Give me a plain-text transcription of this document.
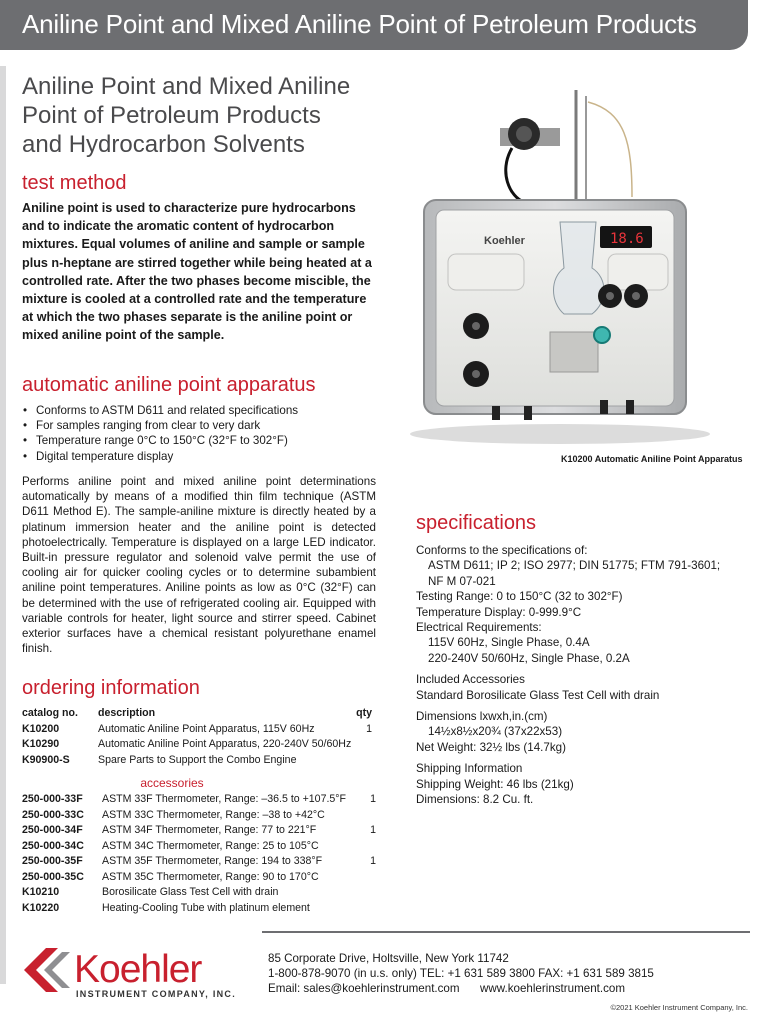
Aniline Point and Mixed Aniline Point of Petroleum Products
Aniline Point and Mixed Aniline
Point of Petroleum Products
and Hydrocarbon Solvents
test method
Aniline point is used to characterize pure hydrocarbons and to indicate the aromatic content of hydrocarbon mixtures. Equal volumes of aniline and sample or sample plus n-heptane are stirred together while being heated at a controlled rate. After the two phases become miscible, the mixture is cooled at a controlled rate and the temperature at which the two phases separate is the aniline point or mixed aniline point of the sample.
automatic aniline point apparatus
• Conforms to ASTM D611 and related specifications
• For samples ranging from clear to very dark
• Temperature range 0°C to 150°C (32°F to 302°F)
• Digital temperature display
Performs aniline point and mixed aniline point determinations automatically by means of a modified thin film technique (ASTM D611 Method E). The sample-aniline mixture is directly heated by a platinum immersion heater and the aniline point is detected photoelectrically. Temperature is displayed on a large LED indicator. Built-in pressure regulator and solenoid valve permit the use of cooling air for quicker cooling cycles or to determine subambient aniline point temperatures. Aniline points as low as 0°C (32°F) can be determined with the use of refrigerated cooling air. Equipped with variable controls for heater, light source and stirrer speed. Cabinet exterior surfaces have a chemical resistant polyurethane enamel finish.
ordering information
catalog no. description	qty
K10200	Automatic Aniline Point Apparatus, 115V 60Hz	1
K10290	Automatic Aniline Point Apparatus, 220-240V 50/60Hz
K90900-S	Spare Parts to Support the Combo Engine
accessories
250-000-33F ASTM 33F Thermometer, Range: –36.5 to +107.5°F 1
250-000-33C ASTM 33C Thermometer, Range: –38 to +42°C
250-000-34F ASTM 34F Thermometer, Range: 77 to 221°F	1
250-000-34C ASTM 34C Thermometer, Range: 25 to 105°C
250-000-35F ASTM 35F Thermometer, Range: 194 to 338°F	1
250-000-35C ASTM 35C Thermometer, Range: 90 to 170°C
K10210	Borosilicate Glass Test Cell with drain
K10220	Heating-Cooling Tube with platinum element
Koehler	18.6
K10200 Automatic Aniline Point Apparatus
specifications
Conforms to the specifications of:
ASTM D611; IP 2; ISO 2977; DIN 51775; FTM 791-3601;
NF M 07-021
Testing Range: 0 to 150°C (32 to 302°F)
Temperature Display: 0-999.9°C
Electrical Requirements:
115V 60Hz, Single Phase, 0.4A
220-240V 50/60Hz, Single Phase, 0.2A
Included Accessories
Standard Borosilicate Glass Test Cell with drain
Dimensions lxwxh,in.(cm)
14½x8½x20¾ (37x22x53)
Net Weight: 32½ lbs (14.7kg)
Shipping Information
Shipping Weight: 46 lbs (21kg)
Dimensions: 8.2 Cu. ft.
Koehler
INSTRUMENT COMPANY, INC.
85 Corporate Drive, Holtsville, New York 11742
1-800-878-9070 (in u.s. only) TEL: +1 631 589 3800 FAX: +1 631 589 3815
Email: sales@koehlerinstrument.com www.koehlerinstrument.com
©2021 Koehler Instrument Company, Inc.
